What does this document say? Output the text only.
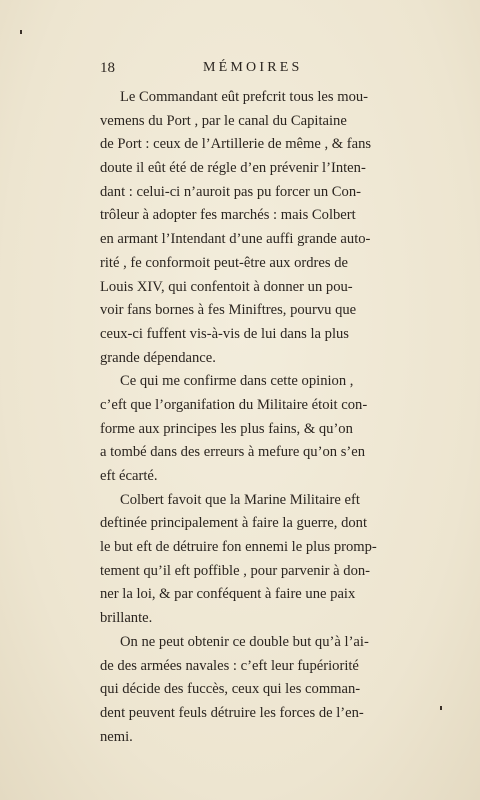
18	MÉMOIRES
Le Commandant eût prefcrit tous les mou-
vemens du Port , par le canal du Capitaine
de Port : ceux de l’Artillerie de même , & fans
doute il eût été de régle d’en prévenir l’Inten-
dant : celui-ci n’auroit pas pu forcer un Con-
trôleur à adopter fes marchés : mais Colbert
en armant l’Intendant d’une auffi grande auto-
rité , fe conformoit peut-être aux ordres de
Louis XIV, qui confentoit à donner un pou-
voir fans bornes à fes Miniftres, pourvu que
ceux-ci fuffent vis-à-vis de lui dans la plus
grande dépendance.
Ce qui me confirme dans cette opinion ,
c’eft que l’organifation du Militaire étoit con-
forme aux principes les plus fains, & qu’on
a tombé dans des erreurs à mefure qu’on s’en
eft écarté.
Colbert favoit que la Marine Militaire eft
deftinée principalement à faire la guerre, dont
le but eft de détruire fon ennemi le plus promp-
tement qu’il eft poffible , pour parvenir à don-
ner la loi, & par conféquent à faire une paix
brillante.
On ne peut obtenir ce double but qu’à l’ai-
de des armées navales : c’eft leur fupériorité
qui décide des fuccès, ceux qui les comman-
dent peuvent feuls détruire les forces de l’en-
nemi.
